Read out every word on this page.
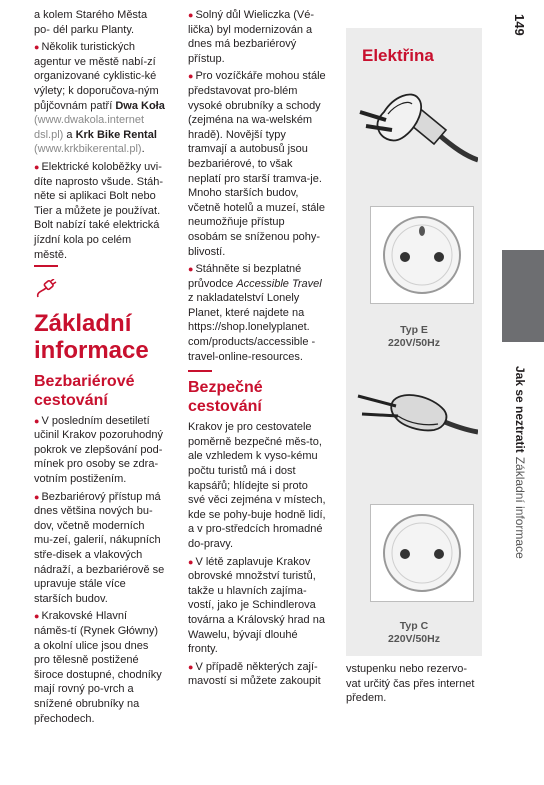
a kolem Starého Města po- dél parku Planty.

● Několik turistických agentur ve městě nabí-zí organizované cyklistic-ké výlety; k doporučova-ným půjčovnám patří Dwa Koła (www.dwakola.internet dsl.pl) a Krk Bike Rental (www.krkbikerental.pl).

● Elektrické koloběžky uvi-díte naprosto všude. Stáh-něte si aplikaci Bolt nebo Tier a můžete je používat. Bolt nabízí také elektrická jízdní kola po celém městě.

Základní informace
Bezbariérové cestování

● V posledním desetiletí učinil Krakov pozoruhodný pokrok ve zlepšování pod-mínek pro osoby se zdra-votním postižením.

● Bezbariérový přístup má dnes většina nových bu-dov, včetně moderních mu-zeí, galerií, nákupních stře-disek a vlakových nádraží, a bezbariérově se upravuje stále více starších budov.

● Krakovské Hlavní náměs-tí (Rynek Główny) a okolní ulice jsou dnes pro tělesně postižené široce dostupné, chodníky mají rovný po-vrch a snížené obrubníky na přechodech.

● Solný důl Wieliczka (Vé-lička) byl modernizován a dnes má bezbariérový přístup.

● Pro vozíčkáře mohou stále představovat pro-blém vysoké obrubníky a schody (zejména na wa-welském hradě). Novější typy tramvají a autobusů jsou bezbariérové, to však neplatí pro starší tramva-je. Mnoho starších budov, včetně hotelů a muzeí, stále neumožňuje přístup osobám se sníženou pohy-blivostí.

● Stáhněte si bezplatné průvodce Accessible Travel z nakladatelství Lonely Planet, které najdete na https://shop.lonelyplanet. com/products/accessible -travel-online-resources.

Bezpečné cestování

Krakov je pro cestovatele poměrně bezpečné měs-to, ale vzhledem k vyso-kému počtu turistů má i dost kapsářů; hlídejte si proto své věci zejména v místech, kde se pohy-buje hodně lidí, a v pro-středcích hromadné do-pravy.

● V létě zaplavuje Krakov obrovské množství turistů, takže u hlavních zajíma-vostí, jako je Schindlerova továrna a Královský hrad na Wawelu, bývají dlouhé fronty.

● V případě některých zají-mavostí si můžete zakoupit

Elektřina
Typ E
220V/50Hz
Typ C
220V/50Hz

vstupenku nebo rezervo-vat určitý čas přes internet předem.

149
Jak se neztratitZákladní informace
